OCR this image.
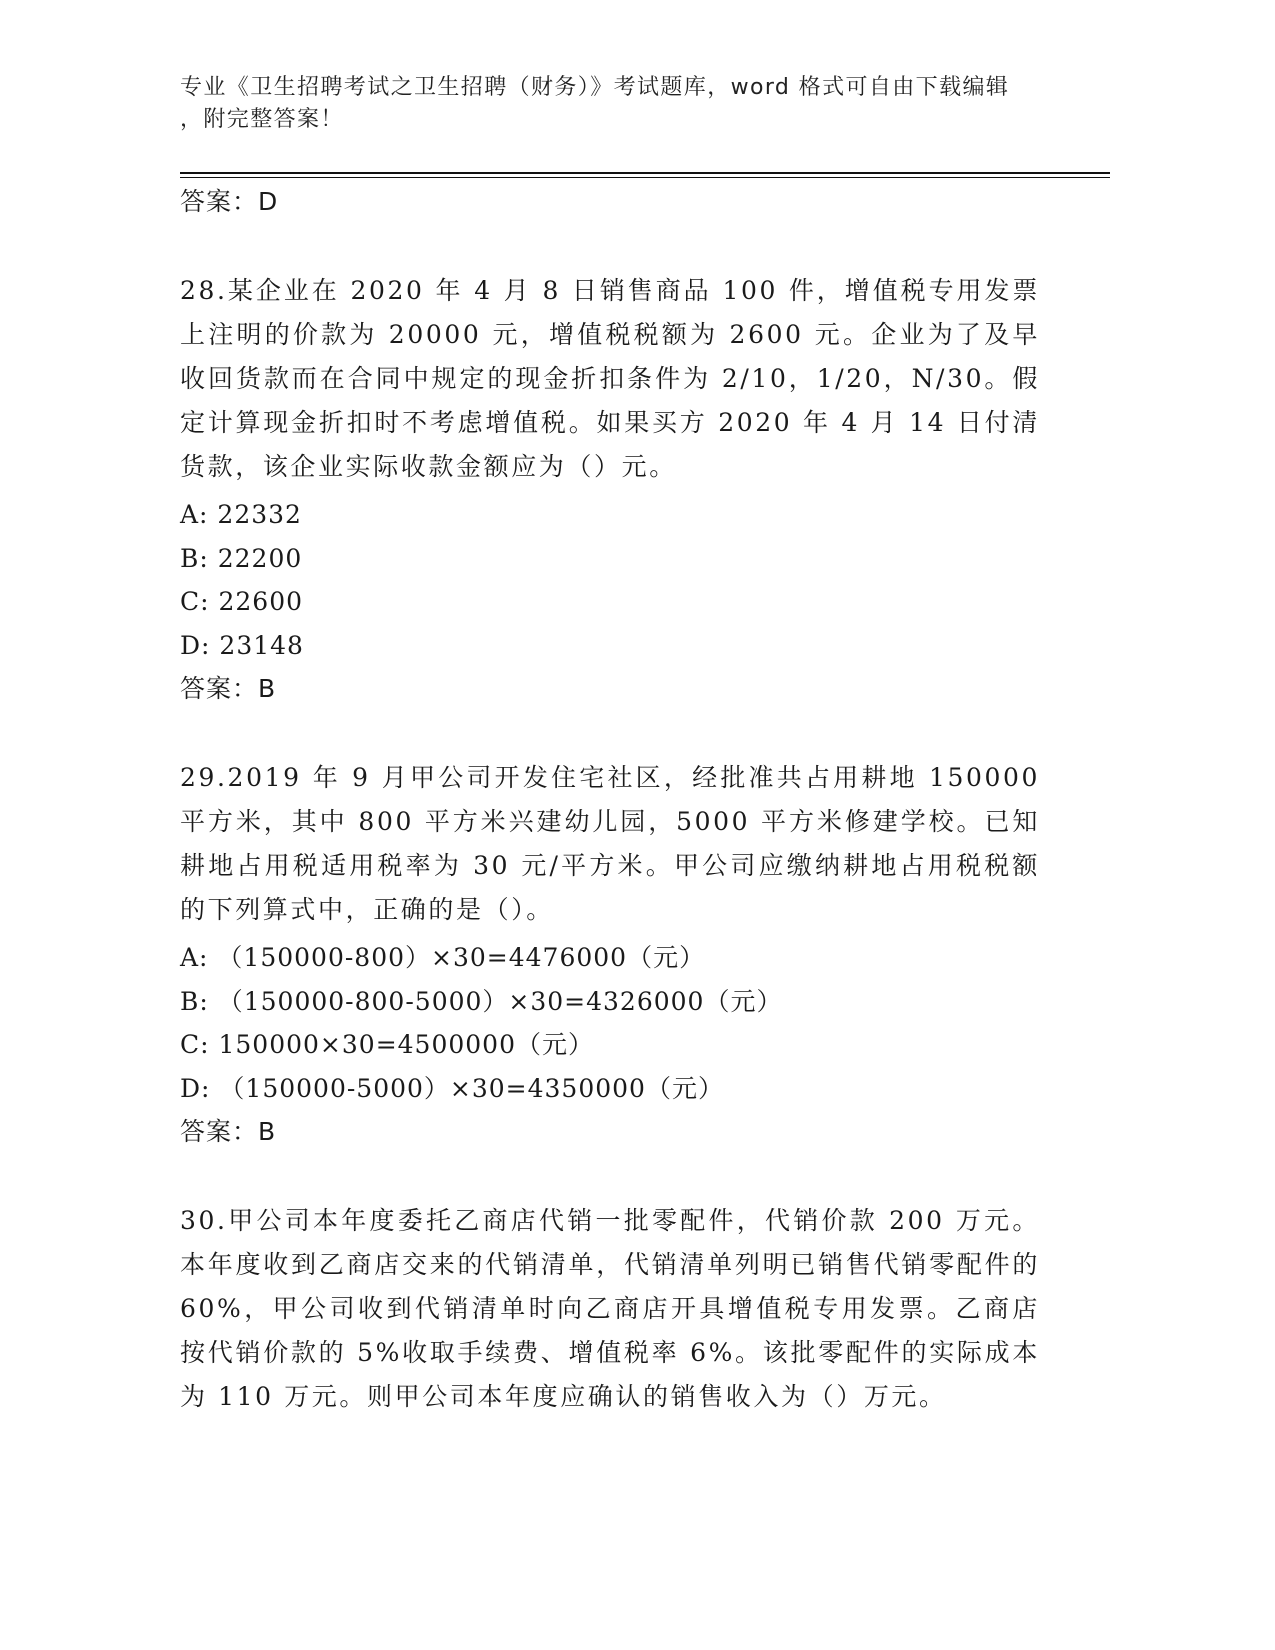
专业《卫生招聘考试之卫生招聘（财务）》考试题库，word 格式可自由下载编辑
，附完整答案！

答案：D

28.某企业在 2020 年 4 月 8 日销售商品 100 件，增值税专用发票上注明的价款为 20000 元，增值税税额为 2600 元。企业为了及早收回货款而在合同中规定的现金折扣条件为 2/10，1/20，N/30。假定计算现金折扣时不考虑增值税。如果买方 2020 年 4 月 14 日付清货款，该企业实际收款金额应为（）元。

A: 22332

B: 22200

C: 22600

D: 23148

答案：B

29.2019 年 9 月甲公司开发住宅社区，经批准共占用耕地 150000 平方米，其中 800 平方米兴建幼儿园，5000 平方米修建学校。已知耕地占用税适用税率为 30 元/平方米。甲公司应缴纳耕地占用税税额的下列算式中，正确的是（）。

A: （150000-800）×30=4476000（元）

B: （150000-800-5000）×30=4326000（元）

C: 150000×30=4500000（元）

D: （150000-5000）×30=4350000（元）

答案：B

30.甲公司本年度委托乙商店代销一批零配件，代销价款 200 万元。本年度收到乙商店交来的代销清单，代销清单列明已销售代销零配件的 60%，甲公司收到代销清单时向乙商店开具增值税专用发票。乙商店按代销价款的 5%收取手续费、增值税率 6%。该批零配件的实际成本为 110 万元。则甲公司本年度应确认的销售收入为（）万元。
